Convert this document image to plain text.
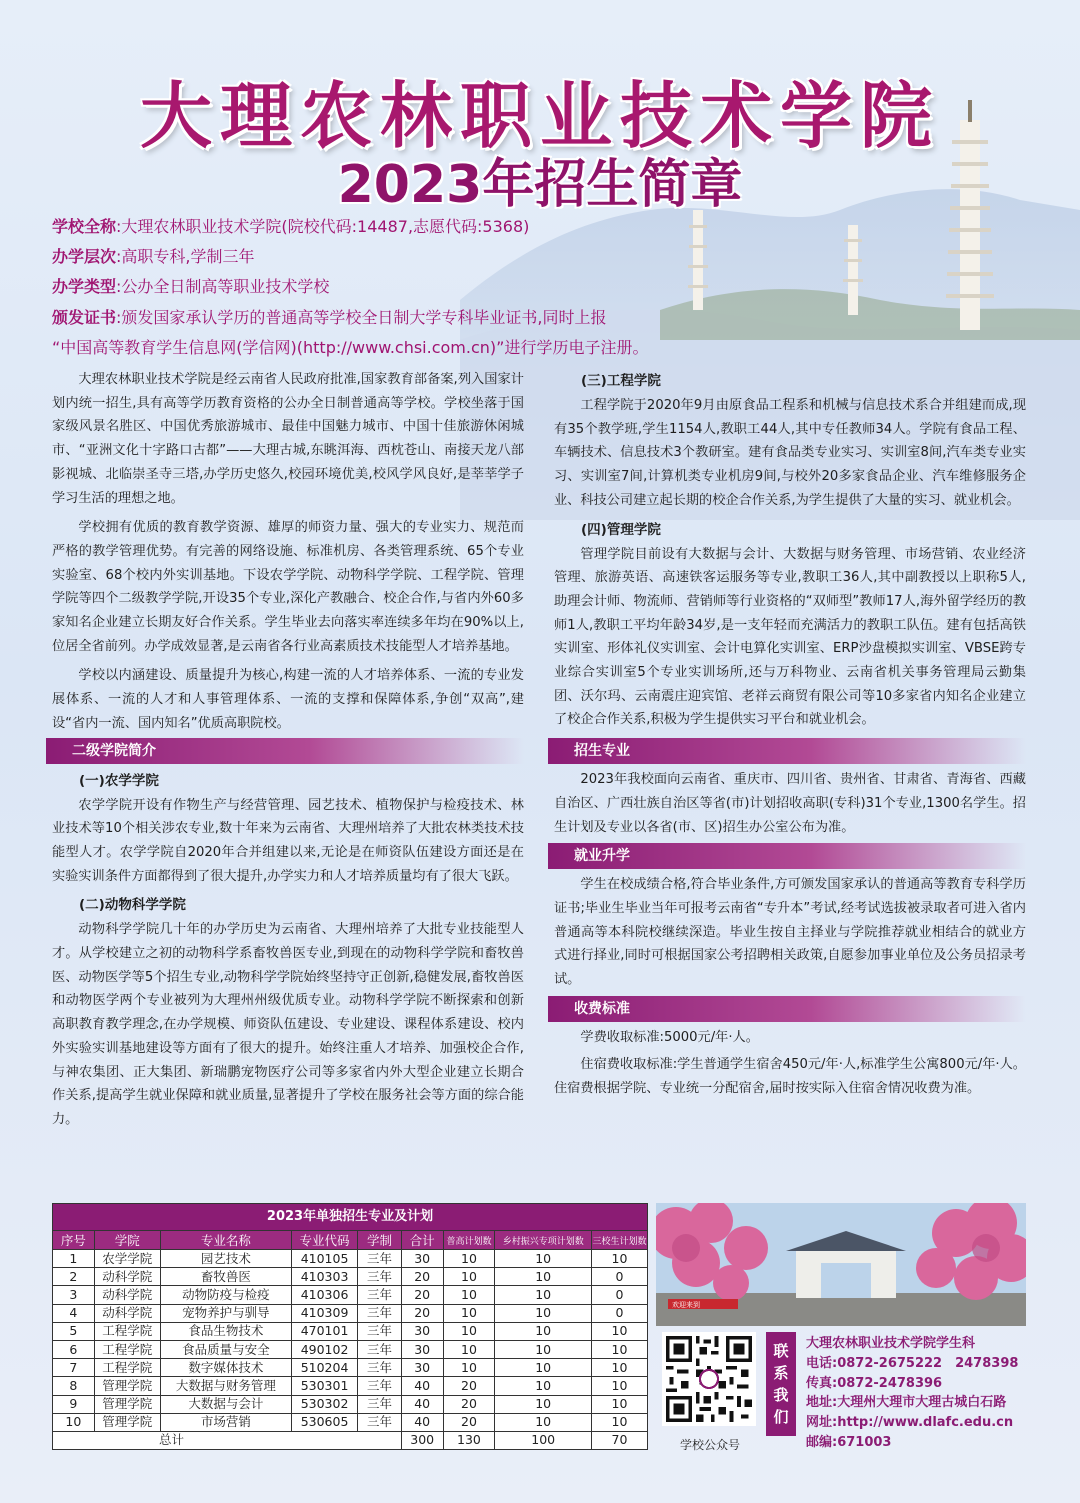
大理农林职业技术学院
2023年招生简章
学校全称:大理农林职业技术学院(院校代码:14487,志愿代码:5368)
办学层次:高职专科,学制三年
办学类型:公办全日制高等职业技术学校
颁发证书:颁发国家承认学历的普通高等学校全日制大学专科毕业证书,同时上报
“中国高等教育学生信息网(学信网)(http://www.chsi.com.cn)”进行学历电子注册。

大理农林职业技术学院是经云南省人民政府批准,国家教育部备案,列入国家计划内统一招生,具有高等学历教育资格的公办全日制普通高等学校。学校坐落于国家级风景名胜区、中国优秀旅游城市、最佳中国魅力城市、中国十佳旅游休闲城市、“亚洲文化十字路口古都”——大理古城,东眺洱海、西枕苍山、南接天龙八部影视城、北临崇圣寺三塔,办学历史悠久,校园环境优美,校风学风良好,是莘莘学子学习生活的理想之地。

学校拥有优质的教育教学资源、雄厚的师资力量、强大的专业实力、规范而严格的教学管理优势。有完善的网络设施、标准机房、各类管理系统、65个专业实验室、68个校内外实训基地。下设农学学院、动物科学学院、工程学院、管理学院等四个二级教学学院,开设35个专业,深化产教融合、校企合作,与省内外60多家知名企业建立长期友好合作关系。学生毕业去向落实率连续多年均在90%以上,位居全省前列。办学成效显著,是云南省各行业高素质技术技能型人才培养基地。

学校以内涵建设、质量提升为核心,构建一流的人才培养体系、一流的专业发展体系、一流的人才和人事管理体系、一流的支撑和保障体系,争创“双高”,建设“省内一流、国内知名”优质高职院校。

二级学院简介
(一)农学学院

农学学院开设有作物生产与经营管理、园艺技术、植物保护与检疫技术、林业技术等10个相关涉农专业,数十年来为云南省、大理州培养了大批农林类技术技能型人才。农学学院自2020年合并组建以来,无论是在师资队伍建设方面还是在实验实训条件方面都得到了很大提升,办学实力和人才培养质量均有了很大飞跃。

(二)动物科学学院

动物科学学院几十年的办学历史为云南省、大理州培养了大批专业技能型人才。从学校建立之初的动物科学系畜牧兽医专业,到现在的动物科学学院和畜牧兽医、动物医学等5个招生专业,动物科学学院始终坚持守正创新,稳健发展,畜牧兽医和动物医学两个专业被列为大理州州级优质专业。动物科学学院不断探索和创新高职教育教学理念,在办学规模、师资队伍建设、专业建设、课程体系建设、校内外实验实训基地建设等方面有了很大的提升。始终注重人才培养、加强校企合作,与神农集团、正大集团、新瑞鹏宠物医疗公司等多家省内外大型企业建立长期合作关系,提高学生就业保障和就业质量,显著提升了学校在服务社会等方面的综合能力。

(三)工程学院

工程学院于2020年9月由原食品工程系和机械与信息技术系合并组建而成,现有35个教学班,学生1154人,教职工44人,其中专任教师34人。学院有食品工程、车辆技术、信息技术3个教研室。建有食品类专业实习、实训室8间,汽车类专业实习、实训室7间,计算机类专业机房9间,与校外20多家食品企业、汽车维修服务企业、科技公司建立起长期的校企合作关系,为学生提供了大量的实习、就业机会。

(四)管理学院

管理学院目前设有大数据与会计、大数据与财务管理、市场营销、农业经济管理、旅游英语、高速铁客运服务等专业,教职工36人,其中副教授以上职称5人,助理会计师、物流师、营销师等行业资格的“双师型”教师17人,海外留学经历的教师1人,教职工平均年龄34岁,是一支年轻而充满活力的教职工队伍。建有包括高铁实训室、形体礼仪实训室、会计电算化实训室、ERP沙盘模拟实训室、VBSE跨专业综合实训室5个专业实训场所,还与万科物业、云南省机关事务管理局云勤集团、沃尔玛、云南震庄迎宾馆、老祥云商贸有限公司等10多家省内知名企业建立了校企合作关系,积极为学生提供实习平台和就业机会。

招生专业

2023年我校面向云南省、重庆市、四川省、贵州省、甘肃省、青海省、西藏自治区、广西壮族自治区等省(市)计划招收高职(专科)31个专业,1300名学生。招生计划及专业以各省(市、区)招生办公室公布为准。

就业升学

学生在校成绩合格,符合毕业条件,方可颁发国家承认的普通高等教育专科学历证书;毕业生毕业当年可报考云南省“专升本”考试,经考试选拔被录取者可进入省内普通高等本科院校继续深造。毕业生按自主择业与学院推荐就业相结合的就业方式进行择业,同时可根据国家公考招聘相关政策,自愿参加事业单位及公务员招录考试。

收费标准

学费收取标准:5000元/年·人。

住宿费收取标准:学生普通学生宿舍450元/年·人,标准学生公寓800元/年·人。住宿费根据学院、专业统一分配宿舍,届时按实际入住宿舍情况收费为准。

2023年单独招生专业及计划
序号	学院	专业名称	专业代码	学制	合计	普高计划数	乡村振兴专项计划数	三校生计划数
1	农学学院	园艺技术	410105	三年	30	10	10	10
2	动科学院	畜牧兽医	410303	三年	20	10	10	0
3	动科学院	动物防疫与检疫	410306	三年	20	10	10	0
4	动科学院	宠物养护与驯导	410309	三年	20	10	10	0
5	工程学院	食品生物技术	470101	三年	30	10	10	10
6	工程学院	食品质量与安全	490102	三年	30	10	10	10
7	工程学院	数字媒体技术	510204	三年	30	10	10	10
8	管理学院	大数据与财务管理	530301	三年	40	20	10	10
9	管理学院	大数据与会计	530302	三年	40	20	10	10
10	管理学院	市场营销	530605	三年	40	20	10	10
总计					300	130	100	70
欢迎来到
学校公众号
联系我们
大理农林职业技术学院学生科
电话:0872-2675222　2478398
传真:0872-2478396
地址:大理州大理市大理古城白石路
网址:http://www.dlafc.edu.cn
邮编:671003
